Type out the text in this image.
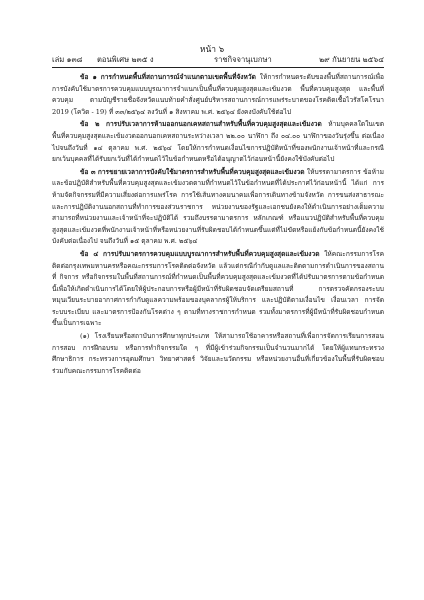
หน้า ๖
เล่ม ๑๓๘ ตอนพิเศษ ๒๓๕ ง	ราชกิจจานุเบกษา	๒๙ กันยายน ๒๕๖๔

ข้อ ๑ การกำหนดพื้นที่สถานการณ์จำแนกตามเขตพื้นที่จังหวัด ให้การกำหนดระดับของพื้นที่สถานการณ์เพื่อการบังคับใช้มาตรการควบคุมแบบบูรณาการจำแนกเป็นพื้นที่ควบคุมสูงสุดและเข้มงวด พื้นที่ควบคุมสูงสุด และพื้นที่ควบคุม ตามบัญชีรายชื่อจังหวัดแนบท้ายคำสั่งศูนย์บริหารสถานการณ์การแพร่ระบาดของโรคติดเชื้อไวรัสโคโรนา 2019 (โควิด - 19) ที่ ๓๓/๒๕๖๔ ลงวันที่ ๑ สิงหาคม พ.ศ. ๒๕๖๔ ยังคงบังคับใช้ต่อไป

ข้อ ๒ การปรับเวลาการห้ามออกนอกเคหสถานสำหรับพื้นที่ควบคุมสูงสุดและเข้มงวด ห้ามบุคคลใดในเขตพื้นที่ควบคุมสูงสุดและเข้มงวดออกนอกเคหสถานระหว่างเวลา ๒๒.๐๐ นาฬิกา ถึง ๐๔.๐๐ นาฬิกาของวันรุ่งขึ้น ต่อเนื่องไปจนถึงวันที่ ๑๔ ตุลาคม พ.ศ. ๒๕๖๔ โดยให้การกำหนดเงื่อนไขการปฏิบัติหน้าที่ของพนักงานเจ้าหน้าที่และกรณียกเว้นบุคคลที่ได้รับยกเว้นที่ได้กำหนดไว้ในข้อกำหนดหรือได้อนุญาตไว้ก่อนหน้านี้ยังคงใช้บังคับต่อไป

ข้อ ๓ การขยายเวลาการบังคับใช้มาตรการสำหรับพื้นที่ควบคุมสูงสุดและเข้มงวด ให้บรรดามาตรการ ข้อห้าม และข้อปฏิบัติสำหรับพื้นที่ควบคุมสูงสุดและเข้มงวดตามที่กำหนดไว้ในข้อกำหนดที่ได้ประกาศไว้ก่อนหน้านี้ ได้แก่ การห้ามจัดกิจกรรมที่มีความเสี่ยงต่อการแพร่โรค การใช้เส้นทางคมนาคมเพื่อการเดินทางข้ามจังหวัด การขนส่งสาธารณะ และการปฏิบัติงานนอกสถานที่ทำการของส่วนราชการ หน่วยงานของรัฐและเอกชนยังคงให้ดำเนินการอย่างเต็มความสามารถที่หน่วยงานและเจ้าหน้าที่จะปฏิบัติได้ รวมถึงบรรดามาตรการ หลักเกณฑ์ หรือแนวปฏิบัติสำหรับพื้นที่ควบคุมสูงสุดและเข้มงวดที่พนักงานเจ้าหน้าที่หรือหน่วยงานที่รับผิดชอบได้กำหนดขึ้นแต่ที่ไม่ขัดหรือแย้งกับข้อกำหนดนี้ยังคงใช้บังคับต่อเนื่องไป จนถึงวันที่ ๑๕ ตุลาคม พ.ศ. ๒๕๖๔

ข้อ ๔ การปรับมาตรการควบคุมแบบบูรณาการสำหรับพื้นที่ควบคุมสูงสุดและเข้มงวด ให้คณะกรรมการโรคติดต่อกรุงเทพมหานครหรือคณะกรรมการโรคติดต่อจังหวัด แล้วแต่กรณีกำกับดูแลและติดตามการดำเนินการของสถานที่ กิจการ หรือกิจกรรมในพื้นที่สถานการณ์ที่กำหนดเป็นพื้นที่ควบคุมสูงสุดและเข้มงวดที่ได้ปรับมาตรการตามข้อกำหนดนี้เพื่อให้เกิดดำเนินการได้โดยให้ผู้ประกอบการหรือผู้มีหน้าที่รับผิดชอบจัดเตรียมสถานที่ การตรวจคัดกรองระบบหมุนเวียนระบายอากาศการกำกับดูแลความพร้อมของบุคลากรผู้ให้บริการ และปฏิบัติตามเงื่อนไข เงื่อนเวลา การจัดระบบระเบียบ และมาตรการป้องกันโรคต่าง ๆ ตามที่ทางราชการกำหนด รวมทั้งมาตรการที่ผู้มีหน้าที่รับผิดชอบกำหนดขึ้นเป็นการเฉพาะ

(๑) โรงเรียนหรือสถาบันการศึกษาทุกประเภท ให้สามารถใช้อาคารหรือสถานที่เพื่อการจัดการเรียนการสอน การสอบ การฝึกอบรม หรือการทำกิจกรรมใด ๆ ที่มีผู้เข้าร่วมกิจกรรมเป็นจำนวนมากได้ โดยให้ผู้แทนกระทรวงศึกษาธิการ กระทรวงการอุดมศึกษา วิทยาศาสตร์ วิจัยและนวัตกรรม หรือหน่วยงานอื่นที่เกี่ยวข้องในพื้นที่รับผิดชอบ ร่วมกับคณะกรรมการโรคติดต่อ
